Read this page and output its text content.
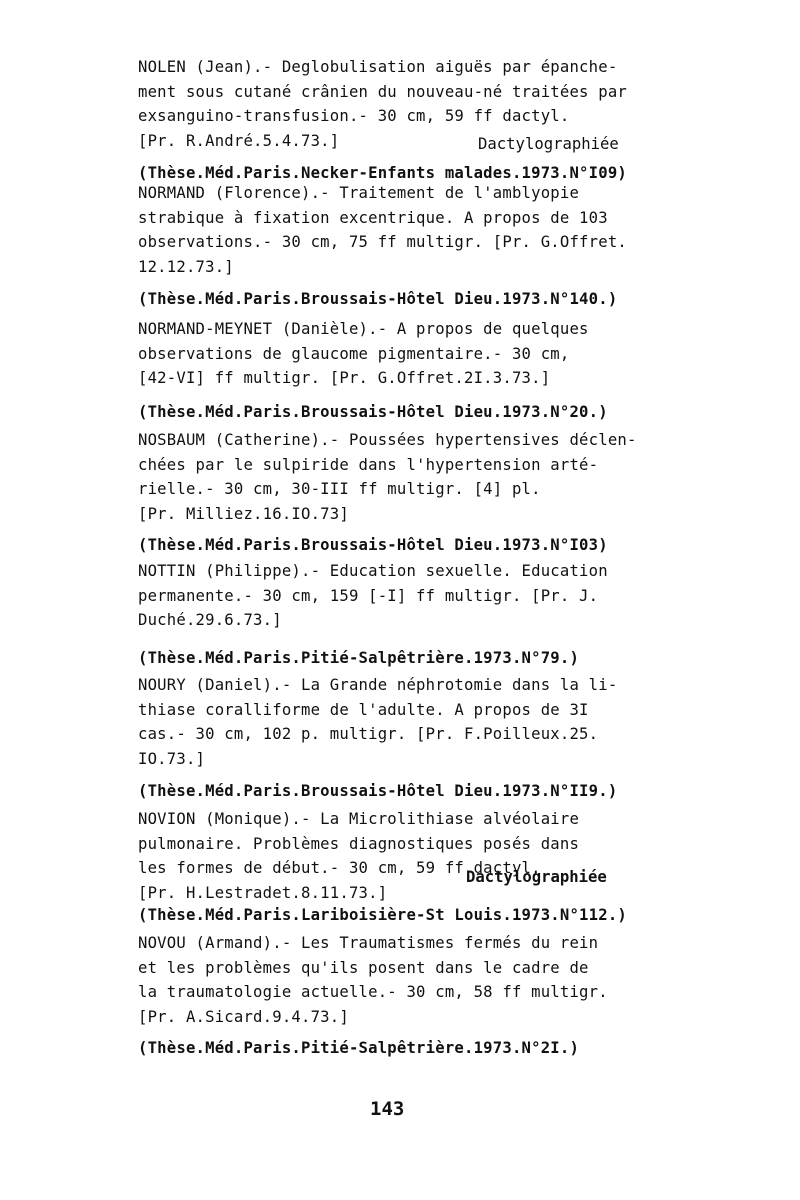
NOLEN (Jean).- Deglobulisation aiguës par épanche-
ment sous cutané crânien du nouveau-né traitées par
exsanguino-transfusion.- 30 cm, 59 ff dactyl.
[Pr. R.André.5.4.73.]	Dactylographiée
(Thèse.Méd.Paris.Necker-Enfants malades.1973.N°I09)
NORMAND (Florence).- Traitement de l'amblyopie
strabique à fixation excentrique. A propos de 103
observations.- 30 cm, 75 ff multigr. [Pr. G.Offret.
12.12.73.]
(Thèse.Méd.Paris.Broussais-Hôtel Dieu.1973.N°140.)
NORMAND-MEYNET (Danièle).- A propos de quelques
observations de glaucome pigmentaire.- 30 cm,
[42-VI] ff multigr. [Pr. G.Offret.2I.3.73.]
(Thèse.Méd.Paris.Broussais-Hôtel Dieu.1973.N°20.)
NOSBAUM (Catherine).- Poussées hypertensives déclen-
chées par le sulpiride dans l'hypertension arté-
rielle.- 30 cm, 30-III ff multigr. [4] pl.
[Pr. Milliez.16.IO.73]
(Thèse.Méd.Paris.Broussais-Hôtel Dieu.1973.N°I03)
NOTTIN (Philippe).- Education sexuelle. Education
permanente.- 30 cm, 159 [-I] ff multigr. [Pr. J.
Duché.29.6.73.]
(Thèse.Méd.Paris.Pitié-Salpêtrière.1973.N°79.)
NOURY (Daniel).- La Grande néphrotomie dans la li-
thiase coralliforme de l'adulte. A propos de 3I
cas.- 30 cm, 102 p. multigr. [Pr. F.Poilleux.25.
IO.73.]
(Thèse.Méd.Paris.Broussais-Hôtel Dieu.1973.N°II9.)
NOVION (Monique).- La Microlithiase alvéolaire
pulmonaire. Problèmes diagnostiques posés dans
les formes de début.- 30 cm, 59 ff dactyl.
[Pr. H.Lestradet.8.11.73.]
Dactylographiée
(Thèse.Méd.Paris.Lariboisière-St Louis.1973.N°112.)
NOVOU (Armand).- Les Traumatismes fermés du rein
et les problèmes qu'ils posent dans le cadre de
la traumatologie actuelle.- 30 cm, 58 ff multigr.
[Pr. A.Sicard.9.4.73.]
(Thèse.Méd.Paris.Pitié-Salpêtrière.1973.N°2I.)
143
